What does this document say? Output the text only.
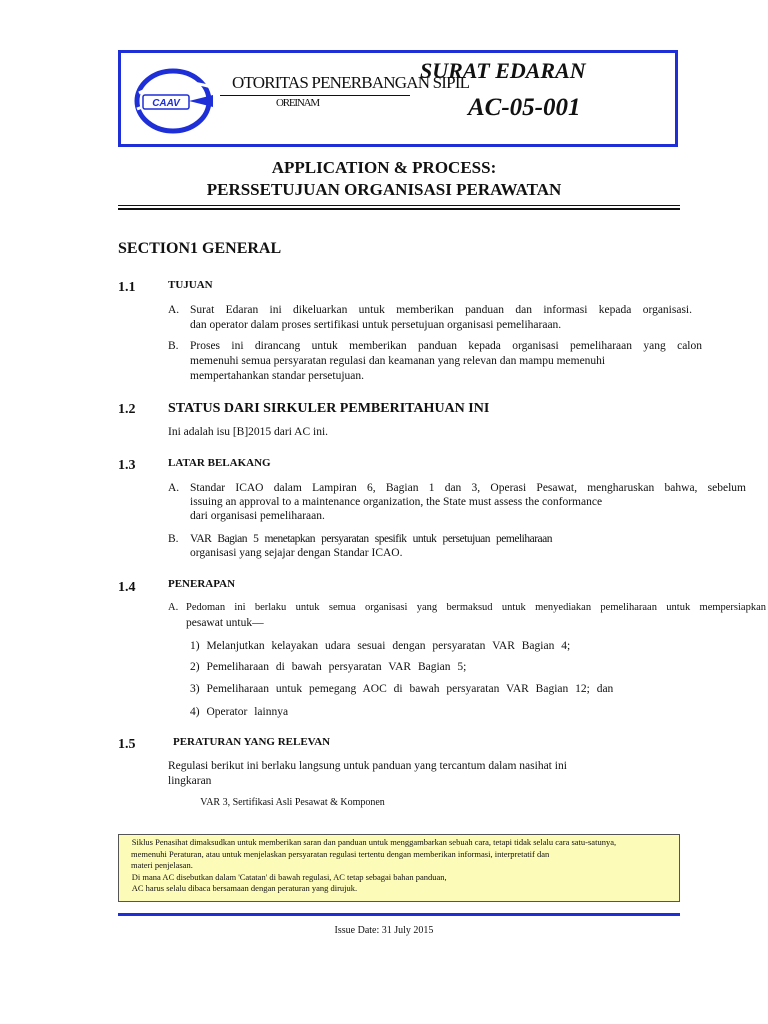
CAAV
OTORITAS PENERBANGAN SIPIL
OREINAM
SURAT EDARAN
AC-05-001
APPLICATION & PROCESS:
PERSSETUJUAN ORGANISASI PERAWATAN
SECTION1 GENERAL
1.1	TUJUAN
A. Surat Edaran ini dikeluarkan untuk memberikan panduan dan informasi kepada organisasi.
dan operator dalam proses sertifikasi untuk persetujuan organisasi pemeliharaan.
B. Proses ini dirancang untuk memberikan panduan kepada organisasi pemeliharaan yang calon
memenuhi semua persyaratan regulasi dan keamanan yang relevan dan mampu memenuhi
mempertahankan standar persetujuan.
1.2 STATUS DARI SIRKULER PEMBERITAHUAN INI
Ini adalah isu [B]2015 dari AC ini.
1.3	LATAR BELAKANG
A. Standar ICAO dalam Lampiran 6, Bagian 1 dan 3, Operasi Pesawat, mengharuskan bahwa, sebelum
issuing an approval to a maintenance organization, the State must assess the conformance
dari organisasi pemeliharaan.
B. VAR Bagian 5 menetapkan persyaratan spesifik untuk persetujuan pemeliharaan
organisasi yang sejajar dengan Standar ICAO.
1.4	PENERAPAN
A. Pedoman ini berlaku untuk semua organisasi yang bermaksud untuk menyediakan pemeliharaan untuk mempersiapkan
pesawat untuk—
1) Melanjutkan kelayakan udara sesuai dengan persyaratan VAR Bagian 4;
2) Pemeliharaan di bawah persyaratan VAR Bagian 5;
3) Pemeliharaan untuk pemegang AOC di bawah persyaratan VAR Bagian 12; dan
4) Operator lainnya
1.5	PERATURAN YANG RELEVAN
Regulasi berikut ini berlaku langsung untuk panduan yang tercantum dalam nasihat ini
lingkaran
VAR 3, Sertifikasi Asli Pesawat & Komponen
Siklus Penasihat dimaksudkan untuk memberikan saran dan panduan untuk menggambarkan sebuah cara, tetapi tidak selalu cara satu-satunya,
memenuhi Peraturan, atau untuk menjelaskan persyaratan regulasi tertentu dengan memberikan informasi, interpretatif dan
materi penjelasan.
Di mana AC disebutkan dalam 'Catatan' di bawah regulasi, AC tetap sebagai bahan panduan,
AC harus selalu dibaca bersamaan dengan peraturan yang dirujuk.
Issue Date: 31 July 2015
